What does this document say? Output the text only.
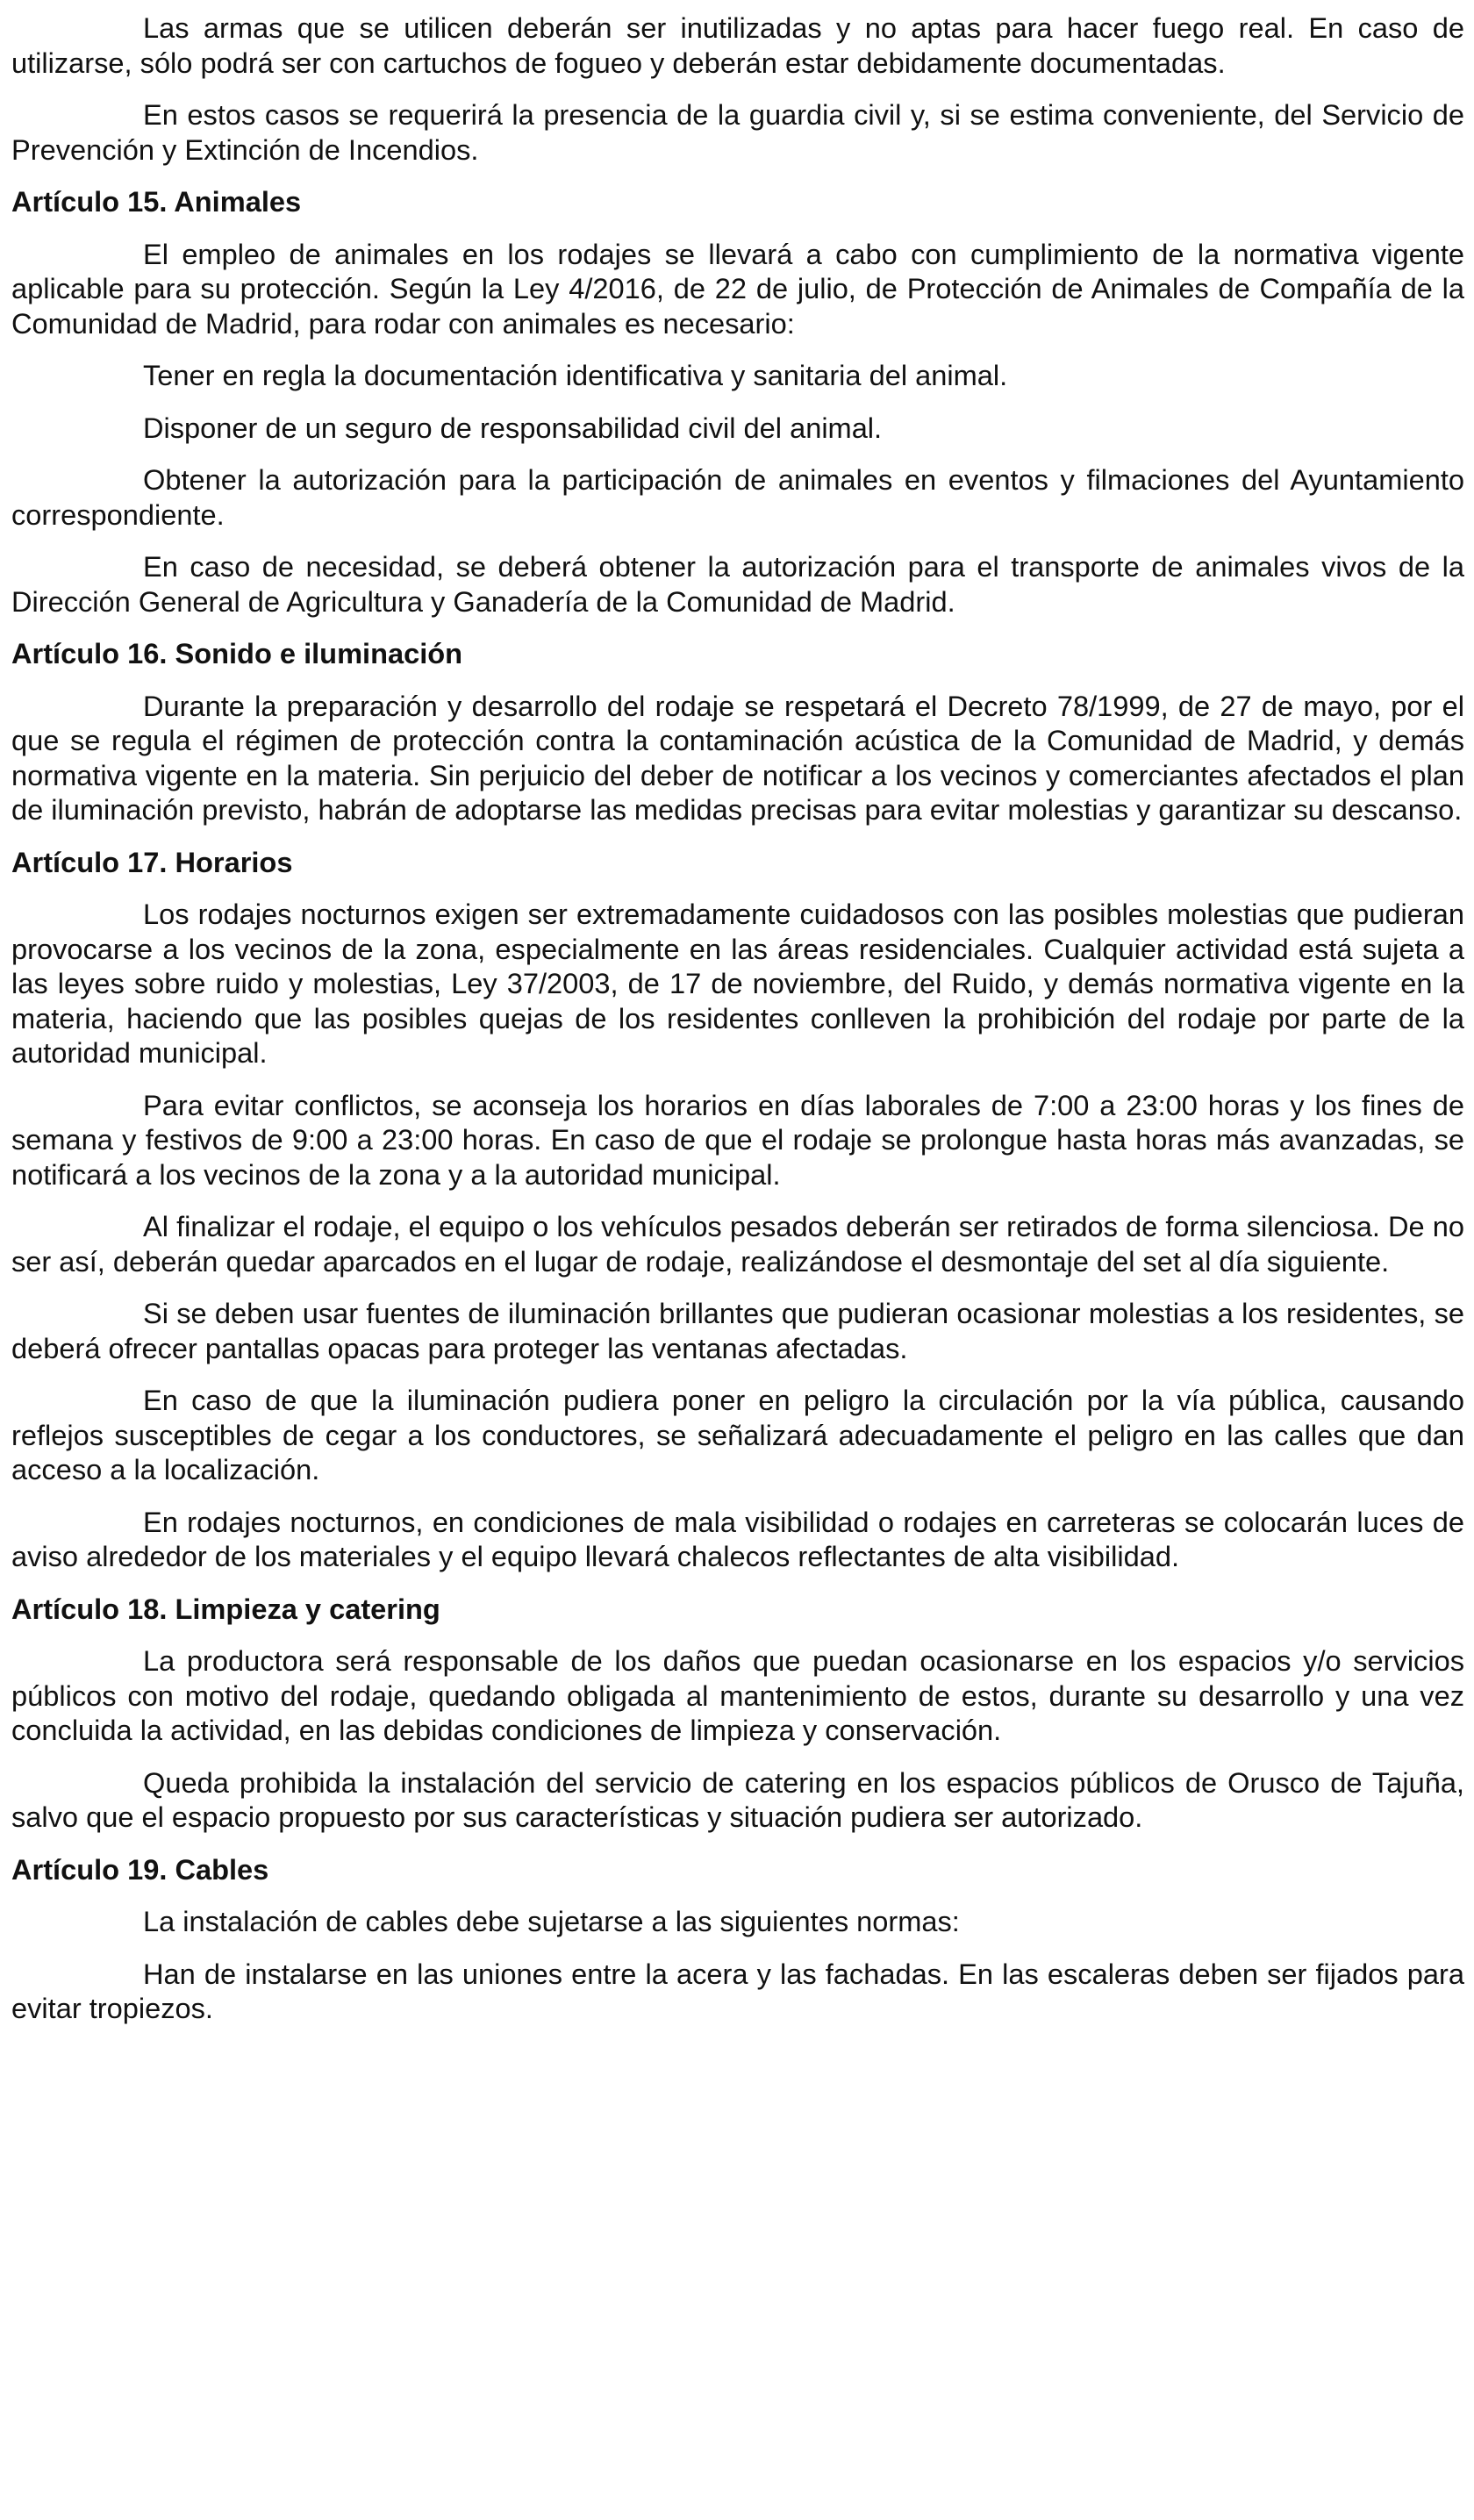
Las armas que se utilicen deberán ser inutilizadas y no aptas para hacer fuego real. En caso de utilizarse, sólo podrá ser con cartuchos de fogueo y deberán estar debidamente documentadas.

En estos casos se requerirá la presencia de la guardia civil y, si se estima conveniente, del Servicio de Prevención y Extinción de Incendios.

Artículo 15. Animales

El empleo de animales en los rodajes se llevará a cabo con cumplimiento de la normativa vigente aplicable para su protección. Según la Ley 4/2016, de 22 de julio, de Protección de Animales de Compañía de la Comunidad de Madrid, para rodar con animales es necesario:

Tener en regla la documentación identificativa y sanitaria del animal.

Disponer de un seguro de responsabilidad civil del animal.

Obtener la autorización para la participación de animales en eventos y filmaciones del Ayuntamiento correspondiente.

En caso de necesidad, se deberá obtener la autorización para el transporte de animales vivos de la Dirección General de Agricultura y Ganadería de la Comunidad de Madrid.

Artículo 16. Sonido e iluminación

Durante la preparación y desarrollo del rodaje se respetará el Decreto 78/1999, de 27 de mayo, por el que se regula el régimen de protección contra la contaminación acústica de la Comunidad de Madrid, y demás normativa vigente en la materia. Sin perjuicio del deber de notificar a los vecinos y comerciantes afectados el plan de iluminación previsto, habrán de adoptarse las medidas precisas para evitar molestias y garantizar su descanso.

Artículo 17. Horarios

Los rodajes nocturnos exigen ser extremadamente cuidadosos con las posibles molestias que pudieran provocarse a los vecinos de la zona, especialmente en las áreas residenciales. Cualquier actividad está sujeta a las leyes sobre ruido y molestias, Ley 37/2003, de 17 de noviembre, del Ruido, y demás normativa vigente en la materia, haciendo que las posibles quejas de los residentes conlleven la prohibición del rodaje por parte de la autoridad municipal.

Para evitar conflictos, se aconseja los horarios en días laborales de 7:00 a 23:00 horas y los fines de semana y festivos de 9:00 a 23:00 horas. En caso de que el rodaje se prolongue hasta horas más avanzadas, se notificará a los vecinos de la zona y a la autoridad municipal.

Al finalizar el rodaje, el equipo o los vehículos pesados deberán ser retirados de forma silenciosa. De no ser así, deberán quedar aparcados en el lugar de rodaje, realizándose el desmontaje del set al día siguiente.

Si se deben usar fuentes de iluminación brillantes que pudieran ocasionar molestias a los residentes, se deberá ofrecer pantallas opacas para proteger las ventanas afectadas.

En caso de que la iluminación pudiera poner en peligro la circulación por la vía pública, causando reflejos susceptibles de cegar a los conductores, se señalizará adecuadamente el peligro en las calles que dan acceso a la localización.

En rodajes nocturnos, en condiciones de mala visibilidad o rodajes en carreteras se colocarán luces de aviso alrededor de los materiales y el equipo llevará chalecos reflectantes de alta visibilidad.

Artículo 18. Limpieza y catering

La productora será responsable de los daños que puedan ocasionarse en los espacios y/o servicios públicos con motivo del rodaje, quedando obligada al mantenimiento de estos, durante su desarrollo y una vez concluida la actividad, en las debidas condiciones de limpieza y conservación.

Queda prohibida la instalación del servicio de catering en los espacios públicos de Orusco de Tajuña, salvo que el espacio propuesto por sus características y situación pudiera ser autorizado.

Artículo 19. Cables

La instalación de cables debe sujetarse a las siguientes normas:

Han de instalarse en las uniones entre la acera y las fachadas. En las escaleras deben ser fijados para evitar tropiezos.
